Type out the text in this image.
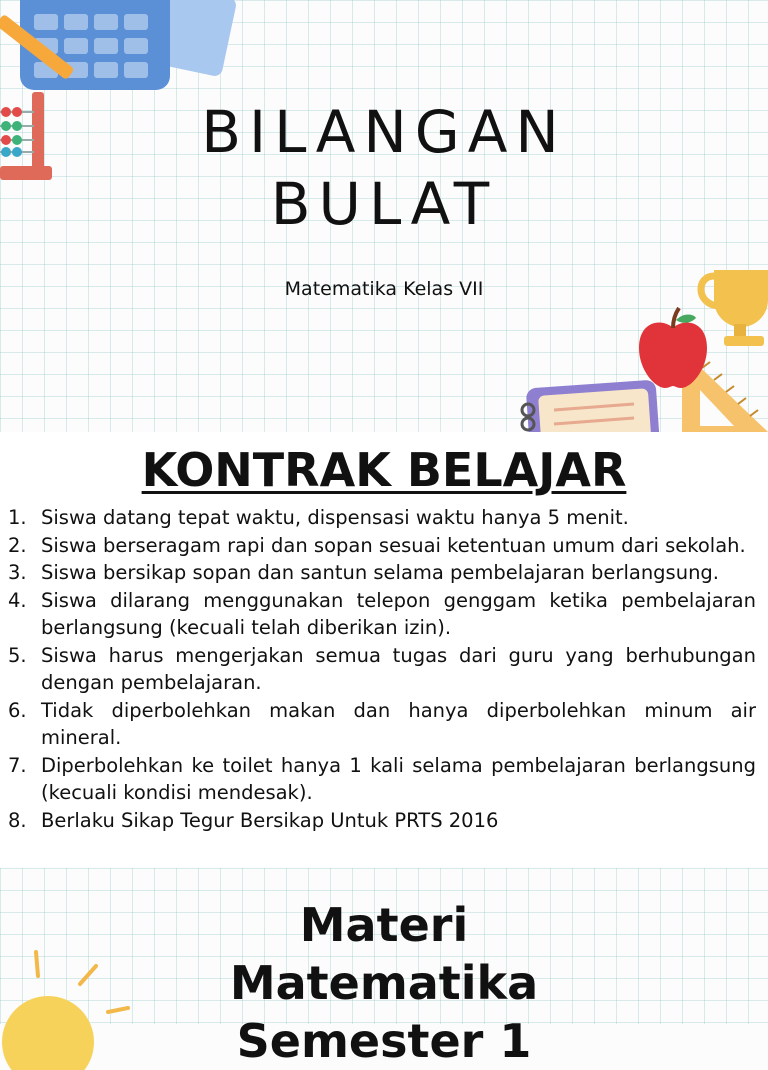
BILANGAN
BULAT
Matematika Kelas VII
KONTRAK BELAJAR
1. Siswa datang tepat waktu, dispensasi waktu hanya 5 menit.
2. Siswa berseragam rapi dan sopan sesuai ketentuan umum dari sekolah.
3. Siswa bersikap sopan dan santun selama pembelajaran berlangsung.
4. Siswa dilarang menggunakan telepon genggam ketika pembelajaran berlangsung (kecuali telah diberikan izin).
5. Siswa harus mengerjakan semua tugas dari guru yang berhubungan dengan pembelajaran.
6. Tidak diperbolehkan makan dan hanya diperbolehkan minum air mineral.
7. Diperbolehkan ke toilet hanya 1 kali selama pembelajaran berlangsung (kecuali kondisi mendesak).
8. Berlaku Sikap Tegur Bersikap Untuk PRTS 2016
Materi
Matematika
Semester 1
